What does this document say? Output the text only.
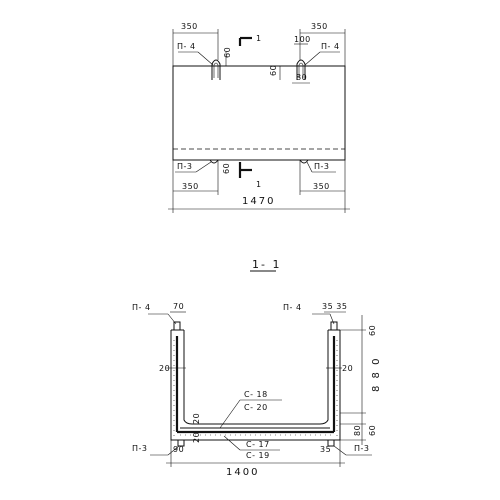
350	350
П- 4	П- 4
60
100
60
80
1
1
П-3	П-3
60
350	350
1470
1- 1
П- 4	70	П- 4	35 35
20	20
С- 18
С- 20
20
20
С- 17
С- 19
П-3	90	П-3
35
1400
60
8 8 0
80 60
